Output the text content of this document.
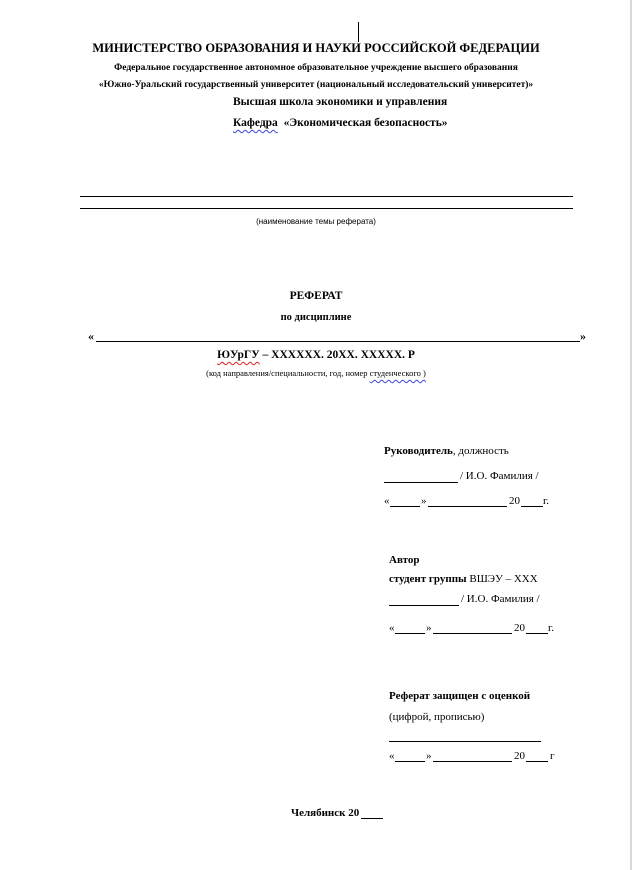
МИНИСТЕРСТВО ОБРАЗОВАНИЯ И НАУКИ РОССИЙСКОЙ ФЕДЕРАЦИИ
Федеральное государственное автономное образовательное учреждение высшего образования
«Южно-Уральский государственный университет (национальный исследовательский университет)»
Высшая школа экономики и управления
Кафедра «Экономическая безопасность»
(наименование темы реферата)
РЕФЕРАТ
по дисциплине
«	»
ЮУрГУ – ХХХХХХ. 20ХХ. ХХХХХ. Р
(код направления/специальности, год, номер студенческого )
Руководитель, должность
/ И.О. Фамилия /
«	»	20 г.
Автор
студент группы ВШЭУ – ХХХ
/ И.О. Фамилия /
«	»	20 г.
Реферат защищен с оценкой
(цифрой, прописью)
«	»	20 г
Челябинск 20
